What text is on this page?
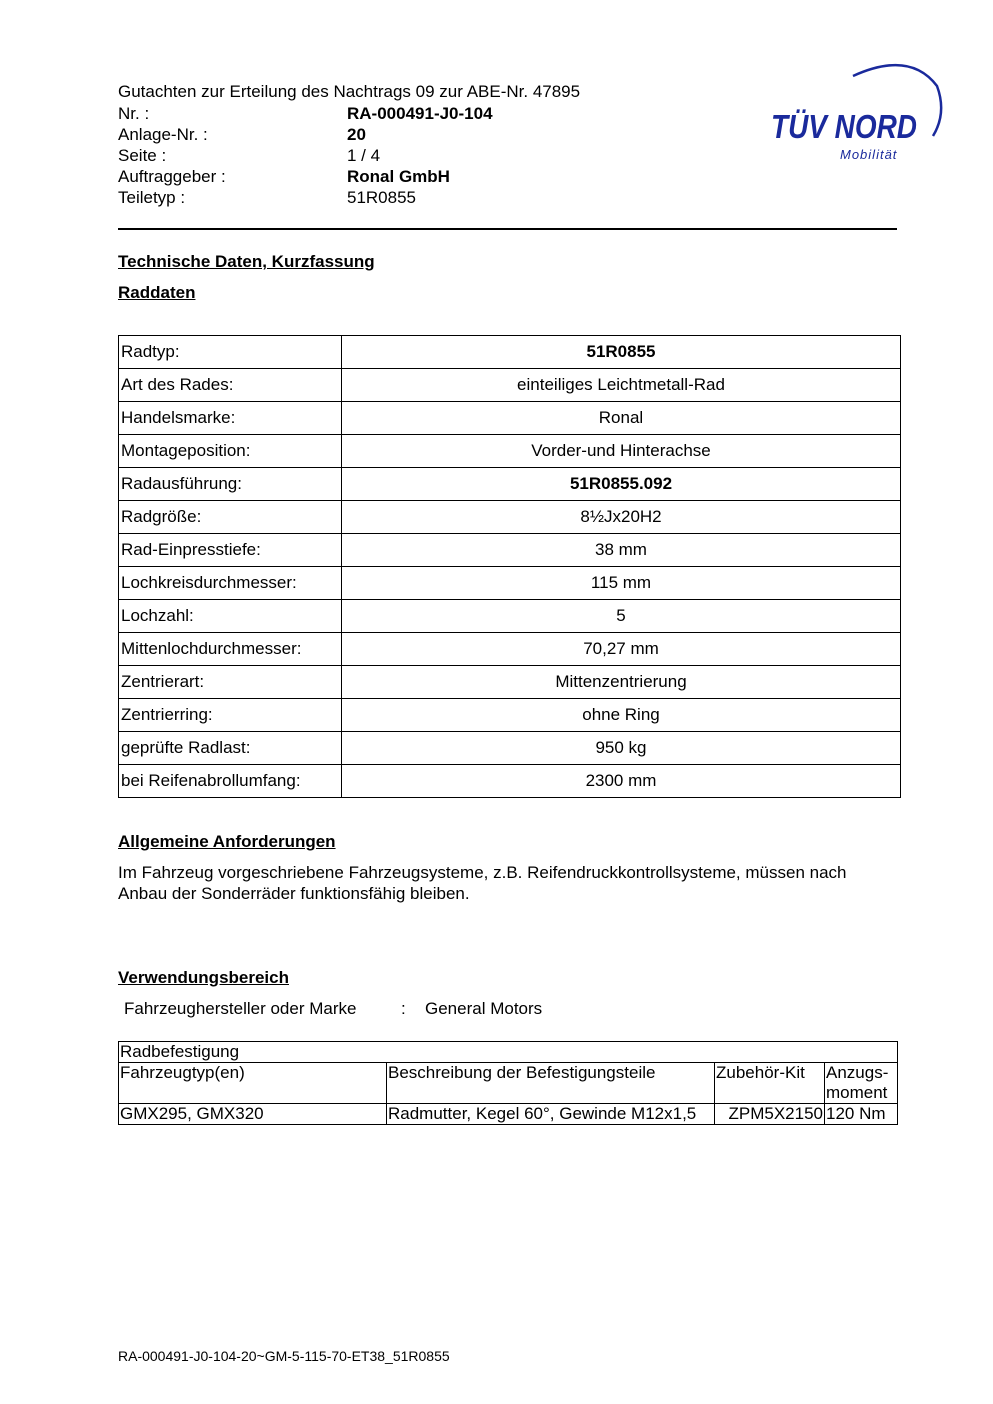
Gutachten zur Erteilung des Nachtrags 09 zur ABE-Nr. 47895
Nr. :	RA-000491-J0-104
Anlage-Nr. :	20
Seite :	1 / 4
Auftraggeber :	Ronal GmbH
Teiletyp :	51R0855
TÜV NORD
Mobilität
Technische Daten, Kurzfassung
Raddaten
Radtyp:	51R0855
Art des Rades:	einteiliges Leichtmetall-Rad
Handelsmarke:	Ronal
Montageposition:	Vorder-und Hinterachse
Radausführung:	51R0855.092
Radgröße:	8½Jx20H2
Rad-Einpresstiefe:	38 mm
Lochkreisdurchmesser:	115 mm
Lochzahl:	5
Mittenlochdurchmesser:	70,27 mm
Zentrierart:	Mittenzentrierung
Zentrierring:	ohne Ring
geprüfte Radlast:	950 kg
bei Reifenabrollumfang:	2300 mm
Allgemeine Anforderungen
Im Fahrzeug vorgeschriebene Fahrzeugsysteme, z.B. Reifendruckkontrollsysteme, müssen nach Anbau der Sonderräder funktionsfähig bleiben.
Verwendungsbereich
Fahrzeughersteller oder Marke	: General Motors
Radbefestigung			
Fahrzeugtyp(en)	Beschreibung der Befestigungsteile	Zubehör-Kit	Anzugs-moment
GMX295, GMX320	Radmutter, Kegel 60°, Gewinde M12x1,5	ZPM5X2150	120 Nm
RA-000491-J0-104-20~GM-5-115-70-ET38_51R0855
